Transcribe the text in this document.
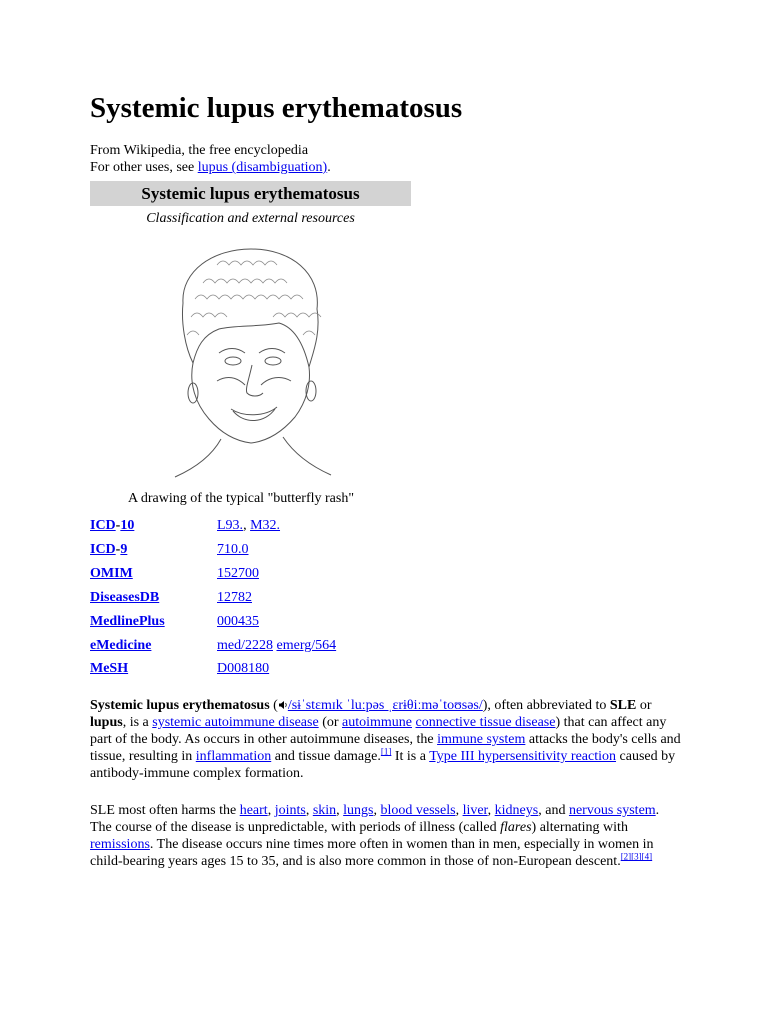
Systemic lupus erythematosus
From Wikipedia, the free encyclopedia
For other uses, see lupus (disambiguation).
Systemic lupus erythematosus
Classification and external resources
A drawing of the typical "butterfly rash"
ICD-10	L93., M32.
ICD-9	710.0
OMIM	152700
DiseasesDB	12782
MedlinePlus	000435
eMedicine	med/2228 emerg/564
MeSH	D008180

Systemic lupus erythematosus ( /sɨˈstɛmɪk ˈluːpəs ˌɛrɨθiːməˈtoʊsəs/), often abbreviated to SLE or lupus, is a systemic autoimmune disease (or autoimmune connective tissue disease) that can affect any part of the body. As occurs in other autoimmune diseases, the immune system attacks the body's cells and tissue, resulting in inflammation and tissue damage.[1] It is a Type III hypersensitivity reaction caused by antibody-immune complex formation.

SLE most often harms the heart, joints, skin, lungs, blood vessels, liver, kidneys, and nervous system. The course of the disease is unpredictable, with periods of illness (called flares) alternating with remissions. The disease occurs nine times more often in women than in men, especially in women in child-bearing years ages 15 to 35, and is also more common in those of non-European descent.[2][3][4]
